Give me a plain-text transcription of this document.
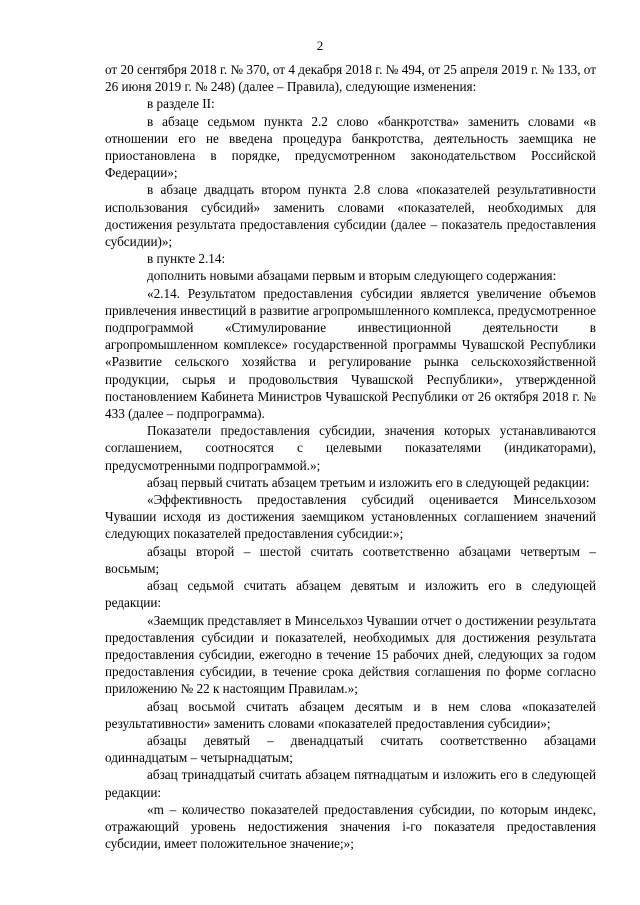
2

от 20 сентября 2018 г. № 370, от 4 декабря 2018 г. № 494, от 25 апреля 2019 г. № 133, от 26 июня 2019 г. № 248) (далее – Правила), следующие изменения:

в разделе II:

в абзаце седьмом пункта 2.2 слово «банкротства» заменить словами «в отношении его не введена процедура банкротства, деятельность заемщика не приостановлена в порядке, предусмотренном законодательством Российской Федерации»;

в абзаце двадцать втором пункта 2.8 слова «показателей результативности использования субсидий» заменить словами «показателей, необходимых для достижения результата предоставления субсидии (далее – показатель предоставления субсидии)»;

в пункте 2.14:

дополнить новыми абзацами первым и вторым следующего содержания:

«2.14. Результатом предоставления субсидии является увеличение объемов привлечения инвестиций в развитие агропромышленного комплекса, предусмотренное подпрограммой «Стимулирование инвестиционной деятельности в агропромышленном комплексе» государственной программы Чувашской Республики «Развитие сельского хозяйства и регулирование рынка сельскохозяйственной продукции, сырья и продовольствия Чувашской Республики», утвержденной постановлением Кабинета Министров Чувашской Республики от 26 октября 2018 г. № 433 (далее – подпрограмма).

Показатели предоставления субсидии, значения которых устанавливаются соглашением, соотносятся с целевыми показателями (индикаторами), предусмотренными подпрограммой.»;

абзац первый считать абзацем третьим и изложить его в следующей редакции:

«Эффективность предоставления субсидий оценивается Минсельхозом Чувашии исходя из достижения заемщиком установленных соглашением значений следующих показателей предоставления субсидии:»;

абзацы второй – шестой считать соответственно абзацами четвертым – восьмым;

абзац седьмой считать абзацем девятым и изложить его в следующей редакции:

«Заемщик представляет в Минсельхоз Чувашии отчет о достижении результата предоставления субсидии и показателей, необходимых для достижения результата предоставления субсидии, ежегодно в течение 15 рабочих дней, следующих за годом предоставления субсидии, в течение срока действия соглашения по форме согласно приложению № 22 к настоящим Правилам.»;

абзац восьмой считать абзацем десятым и в нем слова «показателей результативности» заменить словами «показателей предоставления субсидии»;

абзацы девятый – двенадцатый считать соответственно абзацами одиннадцатым – четырнадцатым;

абзац тринадцатый считать абзацем пятнадцатым и изложить его в следующей редакции:

«m – количество показателей предоставления субсидии, по которым индекс, отражающий уровень недостижения значения i-го показателя предоставления субсидии, имеет положительное значение;»;
